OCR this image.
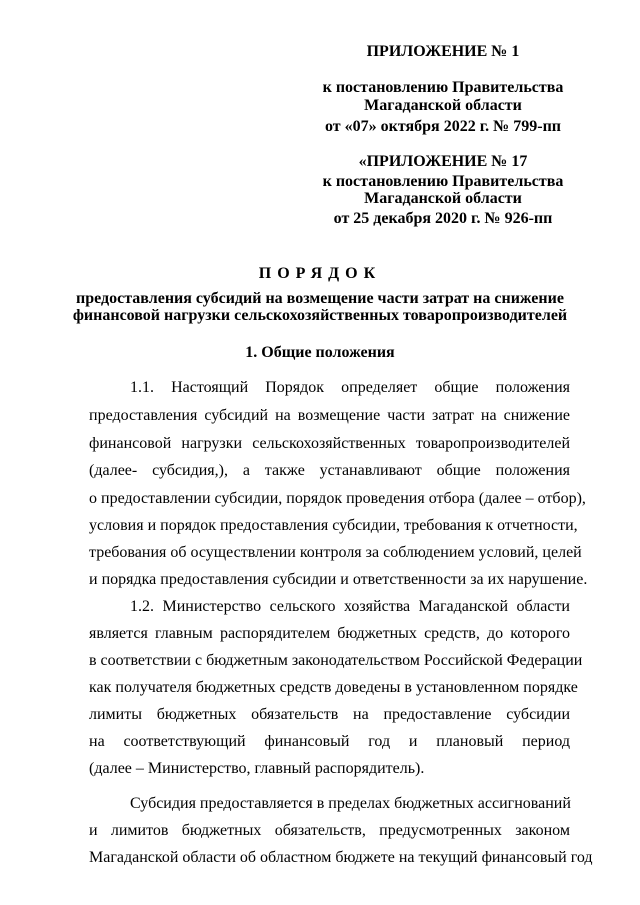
ПРИЛОЖЕНИЕ № 1
к постановлению Правительства
Магаданской области
от «07» октября 2022 г. № 799-пп
«ПРИЛОЖЕНИЕ № 17
к постановлению Правительства
Магаданской области
от 25 декабря 2020 г. № 926-пп
ПОРЯДОК
предоставления субсидий на возмещение части затрат на снижение
финансовой нагрузки сельскохозяйственных товаропроизводителей
1. Общие положения
1.1. Настоящий Порядок определяет общие положения
предоставления субсидий на возмещение части затрат на снижение
финансовой нагрузки сельскохозяйственных товаропроизводителей
(далее- субсидия,), а также устанавливают общие положения
о предоставлении субсидии, порядок проведения отбора (далее – отбор),
условия и порядок предоставления субсидии, требования к отчетности,
требования об осуществлении контроля за соблюдением условий, целей
и порядка предоставления субсидии и ответственности за их нарушение.
1.2. Министерство сельского хозяйства Магаданской области
является главным распорядителем бюджетных средств, до которого
в соответствии с бюджетным законодательством Российской Федерации
как получателя бюджетных средств доведены в установленном порядке
лимиты бюджетных обязательств на предоставление субсидии
на соответствующий финансовый год и плановый период
(далее – Министерство, главный распорядитель).
Субсидия предоставляется в пределах бюджетных ассигнований
и лимитов бюджетных обязательств, предусмотренных законом
Магаданской области об областном бюджете на текущий финансовый год
